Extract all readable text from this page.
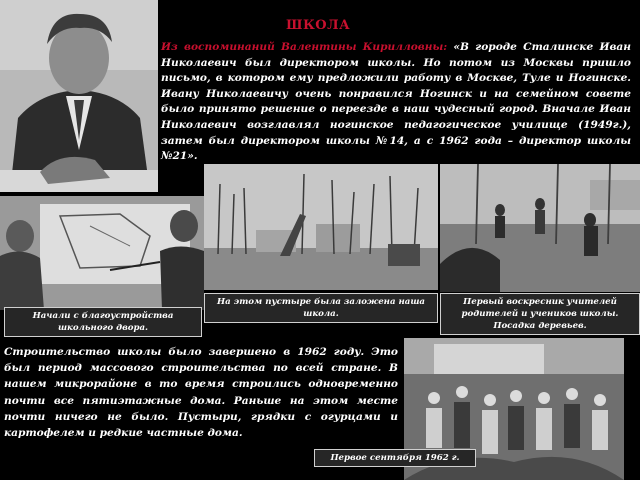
ШКОЛА
Из воспоминаний Валентины Кирилловны: «В городе Сталинске Иван Николаевич был директором школы. Но потом из Москвы пришло письмо, в котором ему предложили работу в Москве, Туле и Ногинске. Ивану Николаевичу очень понравился Ногинск и на семейном совете было принято решение о переезде в наш чудесный город. Вначале Иван Николаевич возглавлял ногинское педагогическое училище (1949г.), затем был директором школы №14, а с 1962 года – директор школы №21».
Начали с благоустройства школьного двора.
На этом пустыре была заложена наша школа.
Первый воскресник учителей родителей и учеников школы. Посадка деревьев.
Первое сентября 1962 г.
Строительство школы было завершено в 1962 году. Это был период массового строительства по всей стране. В нашем микрорайоне в то время строились одновременно почти все пятиэтажные дома. Раньше на этом месте почти ничего не было. Пустыри, грядки с огурцами и картофелем и редкие частные дома.
